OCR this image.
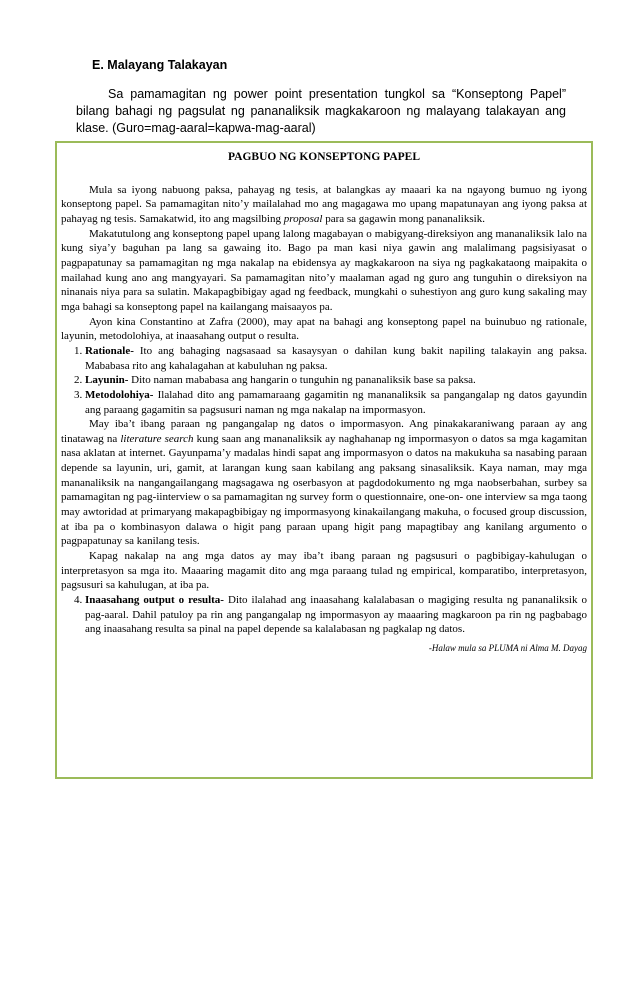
E. Malayang Talakayan
Sa pamamagitan ng power point presentation tungkol sa “Konseptong Papel” bilang bahagi ng pagsulat ng pananaliksik magkakaroon ng malayang talakayan ang klase. (Guro=mag-aaral=kapwa-mag-aaral)
PAGBUO NG KONSEPTONG PAPEL

Mula sa iyong nabuong paksa, pahayag ng tesis, at balangkas ay maaari ka na ngayong bumuo ng iyong konseptong papel. Sa pamamagitan nito’y mailalahad mo ang magagawa mo upang mapatunayan ang iyong paksa at pahayag ng tesis. Samakatwid, ito ang magsilbing proposal para sa gagawin mong pananaliksik.

Makatutulong ang konseptong papel upang lalong magabayan o mabigyang-direksiyon ang mananaliksik lalo na kung siya’y baguhan pa lang sa gawaing ito. Bago pa man kasi niya gawin ang malalimang pagsisiyasat o pagpapatunay sa pamamagitan ng mga nakalap na ebidensya ay magkakaroon na siya ng pagkakataong maipakita o mailahad kung ano ang mangyayari. Sa pamamagitan nito’y maalaman agad ng guro ang tunguhin o direksiyon na ninanais niya para sa sulatin. Makapagbibigay agad ng feedback, mungkahi o suhestiyon ang guro kung sakaling may mga bahagi sa konseptong papel na kailangang maisaayos pa.

Ayon kina Constantino at Zafra (2000), may apat na bahagi ang konseptong papel na buinubuo ng rationale, layunin, metodolohiya, at inaasahang output o resulta.

1. Rationale- Ito ang bahaging nagsasaad sa kasaysyan o dahilan kung bakit napiling talakayin ang paksa. Mababasa rito ang kahalagahan at kabuluhan ng paksa.
2. Layunin- Dito naman mababasa ang hangarin o tunguhin ng pananaliksik base sa paksa.
3. Metodolohiya- Ilalahad dito ang pamamaraang gagamitin ng mananaliksik sa pangangalap ng datos gayundin ang paraang gagamitin sa pagsusuri naman ng mga nakalap na impormasyon.

May iba’t ibang paraan ng pangangalap ng datos o impormasyon. Ang pinakakaraniwang paraan ay ang tinatawag na literature search kung saan ang mananaliksik ay naghahanap ng impormasyon o datos sa mga kagamitan nasa aklatan at internet. Gayunpama’y madalas hindi sapat ang impormasyon o datos na makukuha sa nasabing paraan depende sa layunin, uri, gamit, at larangan kung saan kabilang ang paksang sinasaliksik. Kaya naman, may mga mananaliksik na nangangailangang magsagawa ng oserbasyon at pagdodokumento ng mga naobserbahan, surbey sa pamamagitan ng pag-iinterview o sa pamamagitan ng survey form o questionnaire, one-on- one interview sa mga taong may awtoridad at primaryang makapagbibigay ng impormasyong kinakailangang makuha, o focused group discussion, at iba pa o kombinasyon dalawa o higit pang paraan upang higit pang mapagtibay ang kanilang argumento o pagpapatunay sa kanilang tesis.

Kapag nakalap na ang mga datos ay may iba’t ibang paraan ng pagsusuri o pagbibigay-kahulugan o interpretasyon sa mga ito. Maaaring magamit dito ang mga paraang tulad ng empirical, komparatibo, interpretasyon, pagsusuri sa kahulugan, at iba pa.

4. Inaasahang output o resulta- Dito ilalahad ang inaasahang kalalabasan o magiging resulta ng pananaliksik o pag-aaral. Dahil patuloy pa rin ang pangangalap ng impormasyon ay maaaring magkaroon pa rin ng pagbabago ang inaasahang resulta sa pinal na papel depende sa kalalabasan ng pagkalap ng datos.
-Halaw mula sa PLUMA ni Alma M. Dayag
